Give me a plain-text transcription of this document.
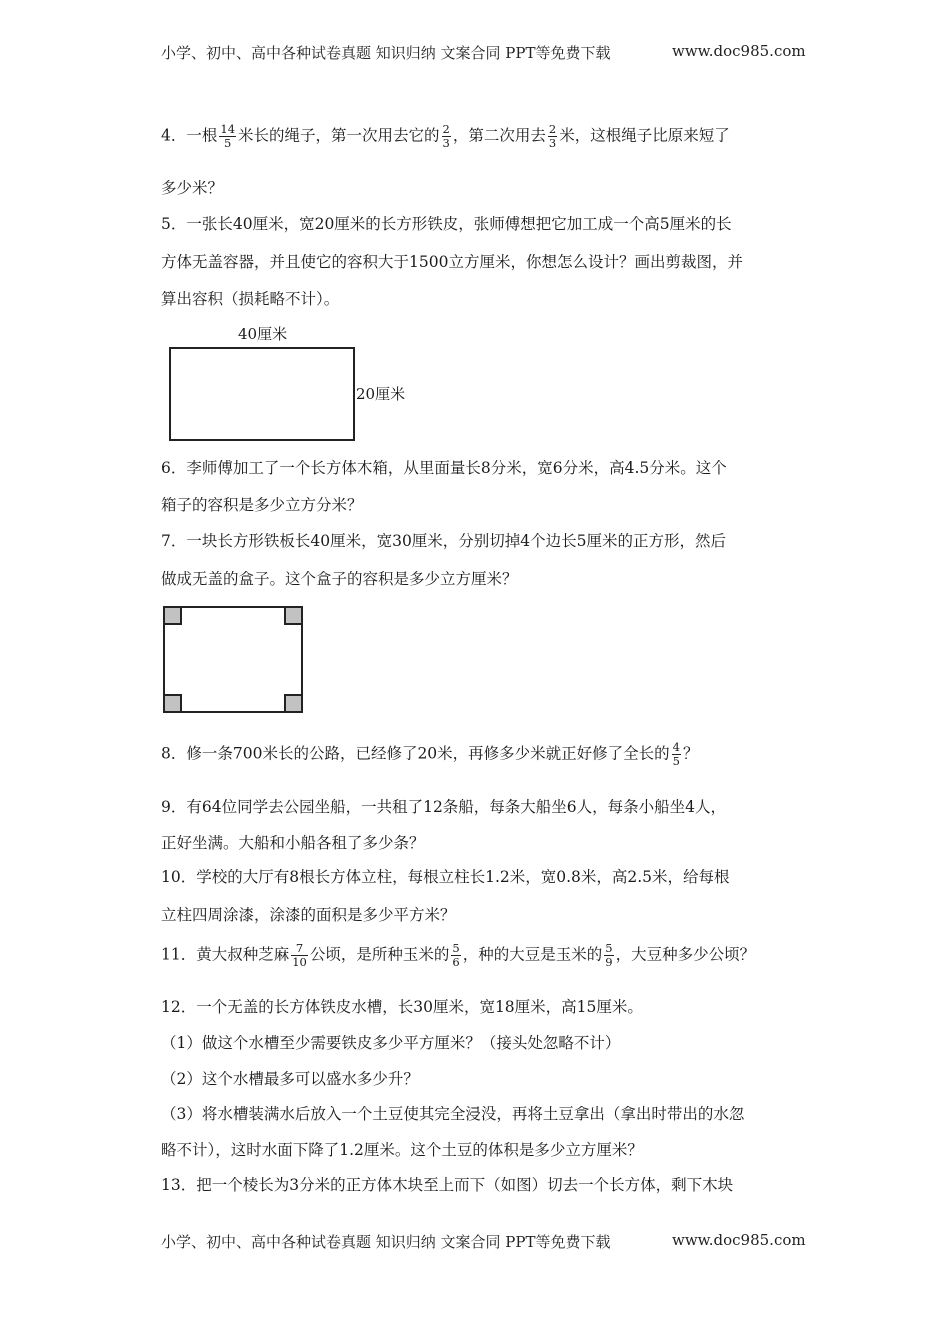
小学、初中、高中各种试卷真题 知识归纳 文案合同 PPT等免费下载	www.doc985.com
4．一根 $\frac{14}{5}$ 米长的绳子，第一次用去它的 $\frac{2}{3}$ ，第二次用去 $\frac{2}{3}$ 米，这根绳子比原来短了
多少米？
5．一张长40厘米，宽20厘米的长方形铁皮，张师傅想把它加工成一个高5厘米的长
方体无盖容器，并且使它的容积大于1500立方厘米，你想怎么设计？画出剪裁图，并
算出容积（损耗略不计）。
40厘米
20厘米
6．李师傅加工了一个长方体木箱，从里面量长8分米，宽6分米，高4.5分米。这个
箱子的容积是多少立方分米？
7．一块长方形铁板长40厘米，宽30厘米，分别切掉4个边长5厘米的正方形，然后
做成无盖的盒子。这个盒子的容积是多少立方厘米？
8．修一条700米长的公路，已经修了20米，再修多少米就正好修了全长的 $\frac{4}{5}$ ？
9．有64位同学去公园坐船，一共租了12条船，每条大船坐6人，每条小船坐4人，
正好坐满。大船和小船各租了多少条？
10．学校的大厅有8根长方体立柱，每根立柱长1.2米，宽0.8米，高2.5米，给每根
立柱四周涂漆，涂漆的面积是多少平方米？
11．黄大叔种芝麻 $\frac{7}{10}$ 公顷，是所种玉米的 $\frac{5}{6}$ ，种的大豆是玉米的 $\frac{5}{9}$ ，大豆种多少公顷？
12．一个无盖的长方体铁皮水槽，长30厘米，宽18厘米，高15厘米。
（1）做这个水槽至少需要铁皮多少平方厘米？（接头处忽略不计）
（2）这个水槽最多可以盛水多少升？
（3）将水槽装满水后放入一个土豆使其完全浸没，再将土豆拿出（拿出时带出的水忽
略不计），这时水面下降了1.2厘米。这个土豆的体积是多少立方厘米？
13．把一个棱长为3分米的正方体木块至上而下（如图）切去一个长方体，剩下木块
小学、初中、高中各种试卷真题 知识归纳 文案合同 PPT等免费下载	www.doc985.com
